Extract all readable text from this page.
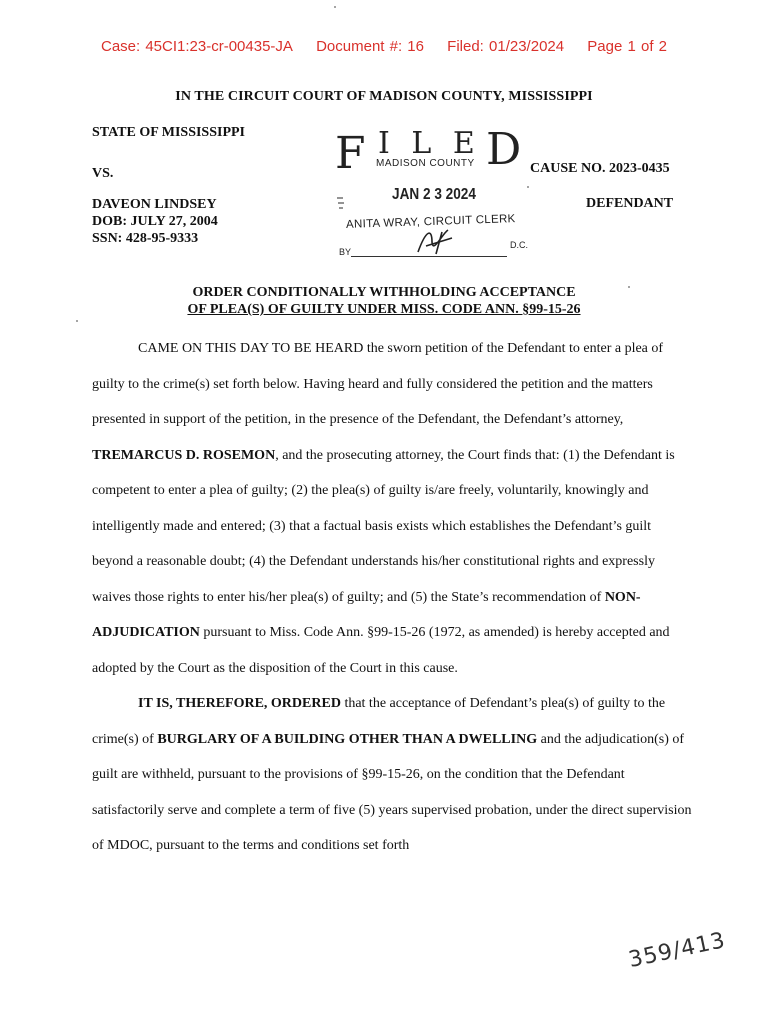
Case: 45CI1:23-cr-00435-JA Document #: 16 Filed: 01/23/2024 Page 1 of 2
IN THE CIRCUIT COURT OF MADISON COUNTY, MISSISSIPPI
STATE OF MISSISSIPPI
VS.	CAUSE NO. 2023-0435
DAVEON LINDSEY
DOB: JULY 27, 2004
SSN: 428-95-9333
DEFENDANT
F I L E D
MADISON COUNTY
JAN 2 3 2024
ANITA WRAY, CIRCUIT CLERK
BY
D.C.
ORDER CONDITIONALLY WITHHOLDING ACCEPTANCE
OF PLEA(S) OF GUILTY UNDER MISS. CODE ANN. §99-15-26

CAME ON THIS DAY TO BE HEARD the sworn petition of the Defendant to enter a plea of guilty to the crime(s) set forth below. Having heard and fully considered the petition and the matters presented in support of the petition, in the presence of the Defendant, the Defendant’s attorney, TREMARCUS D. ROSEMON, and the prosecuting attorney, the Court finds that: (1) the Defendant is competent to enter a plea of guilty; (2) the plea(s) of guilty is/are freely, voluntarily, knowingly and intelligently made and entered; (3) that a factual basis exists which establishes the Defendant’s guilt beyond a reasonable doubt; (4) the Defendant understands his/her constitutional rights and expressly waives those rights to enter his/her plea(s) of guilty; and (5) the State’s recommendation of NON-ADJUDICATION pursuant to Miss. Code Ann. §99-15-26 (1972, as amended) is hereby accepted and adopted by the Court as the disposition of the Court in this cause.

IT IS, THEREFORE, ORDERED that the acceptance of Defendant’s plea(s) of guilty to the crime(s) of BURGLARY OF A BUILDING OTHER THAN A DWELLING and the adjudication(s) of guilt are withheld, pursuant to the provisions of §99-15-26, on the condition that the Defendant satisfactorily serve and complete a term of five (5) years supervised probation, under the direct supervision of MDOC, pursuant to the terms and conditions set forth

359/413
